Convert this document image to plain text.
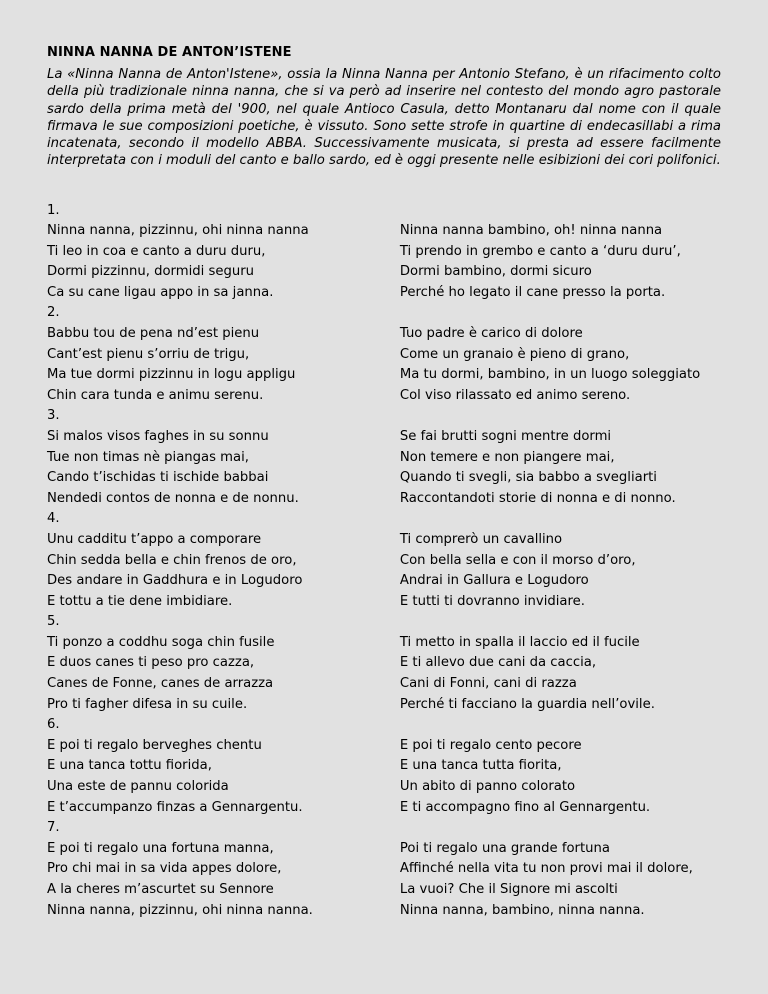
NINNA NANNA DE ANTON’ISTENE

La «Ninna Nanna de Anton'Istene», ossia la Ninna Nanna per Antonio Stefano, è un rifacimento colto della più tradizionale ninna nanna, che si va però ad inserire nel contesto del mondo agro pastorale sardo della prima metà del '900, nel quale Antioco Casula, detto Montanaru dal nome con il quale firmava le sue composizioni poetiche, è vissuto. Sono sette strofe in quartine di endecasillabi a rima incatenata, secondo il modello ABBA. Successivamente musicata, si presta ad essere facilmente interpretata con i moduli del canto e ballo sardo, ed è oggi presente nelle esibizioni dei cori polifonici.

1.
Ninna nanna, pizzinnu, ohi ninna nanna	Ninna nanna bambino, oh! ninna nanna
Ti leo in coa e canto a duru duru,	Ti prendo in grembo e canto a ‘duru duru’,
Dormi pizzinnu, dormidi seguru	Dormi bambino, dormi sicuro
Ca su cane ligau appo in sa janna.	Perché ho legato il cane presso la porta.
2.
Babbu tou de pena nd’est pienu	Tuo padre è carico di dolore
Cant’est pienu s’orriu de trigu,	Come un granaio è pieno di grano,
Ma tue dormi pizzinnu in logu appligu	Ma tu dormi, bambino, in un luogo soleggiato
Chin cara tunda e animu serenu.	Col viso rilassato ed animo sereno.
3.
Si malos visos faghes in su sonnu	Se fai brutti sogni mentre dormi
Tue non timas nè piangas mai,	Non temere e non piangere mai,
Cando t’ischidas ti ischide babbai	Quando ti svegli, sia babbo a svegliarti
Nendedi contos de nonna e de nonnu.	Raccontandoti storie di nonna e di nonno.
4.
Unu cadditu t’appo a comporare	Ti comprerò un cavallino
Chin sedda bella e chin frenos de oro,	Con bella sella e con il morso d’oro,
Des andare in Gaddhura e in Logudoro	Andrai in Gallura e Logudoro
E tottu a tie dene imbidiare.	E tutti ti dovranno invidiare.
5.
Ti ponzo a coddhu soga chin fusile	Ti metto in spalla il laccio ed il fucile
E duos canes ti peso pro cazza,	E ti allevo due cani da caccia,
Canes de Fonne, canes de arrazza	Cani di Fonni, cani di razza
Pro ti fagher difesa in su cuile.	Perché ti facciano la guardia nell’ovile.
6.
E poi ti regalo berveghes chentu	E poi ti regalo cento pecore
E una tanca tottu fiorida,	E una tanca tutta fiorita,
Una este de pannu colorida	Un abito di panno colorato
E t’accumpanzo finzas a Gennargentu.	E ti accompagno fino al Gennargentu.
7.
E poi ti regalo una fortuna manna,	Poi ti regalo una grande fortuna
Pro chi mai in sa vida appes dolore,	Affinché nella vita tu non provi mai il dolore,
A la cheres m’ascurtet su Sennore	La vuoi? Che il Signore mi ascolti
Ninna nanna, pizzinnu, ohi ninna nanna.	Ninna nanna, bambino, ninna nanna.
